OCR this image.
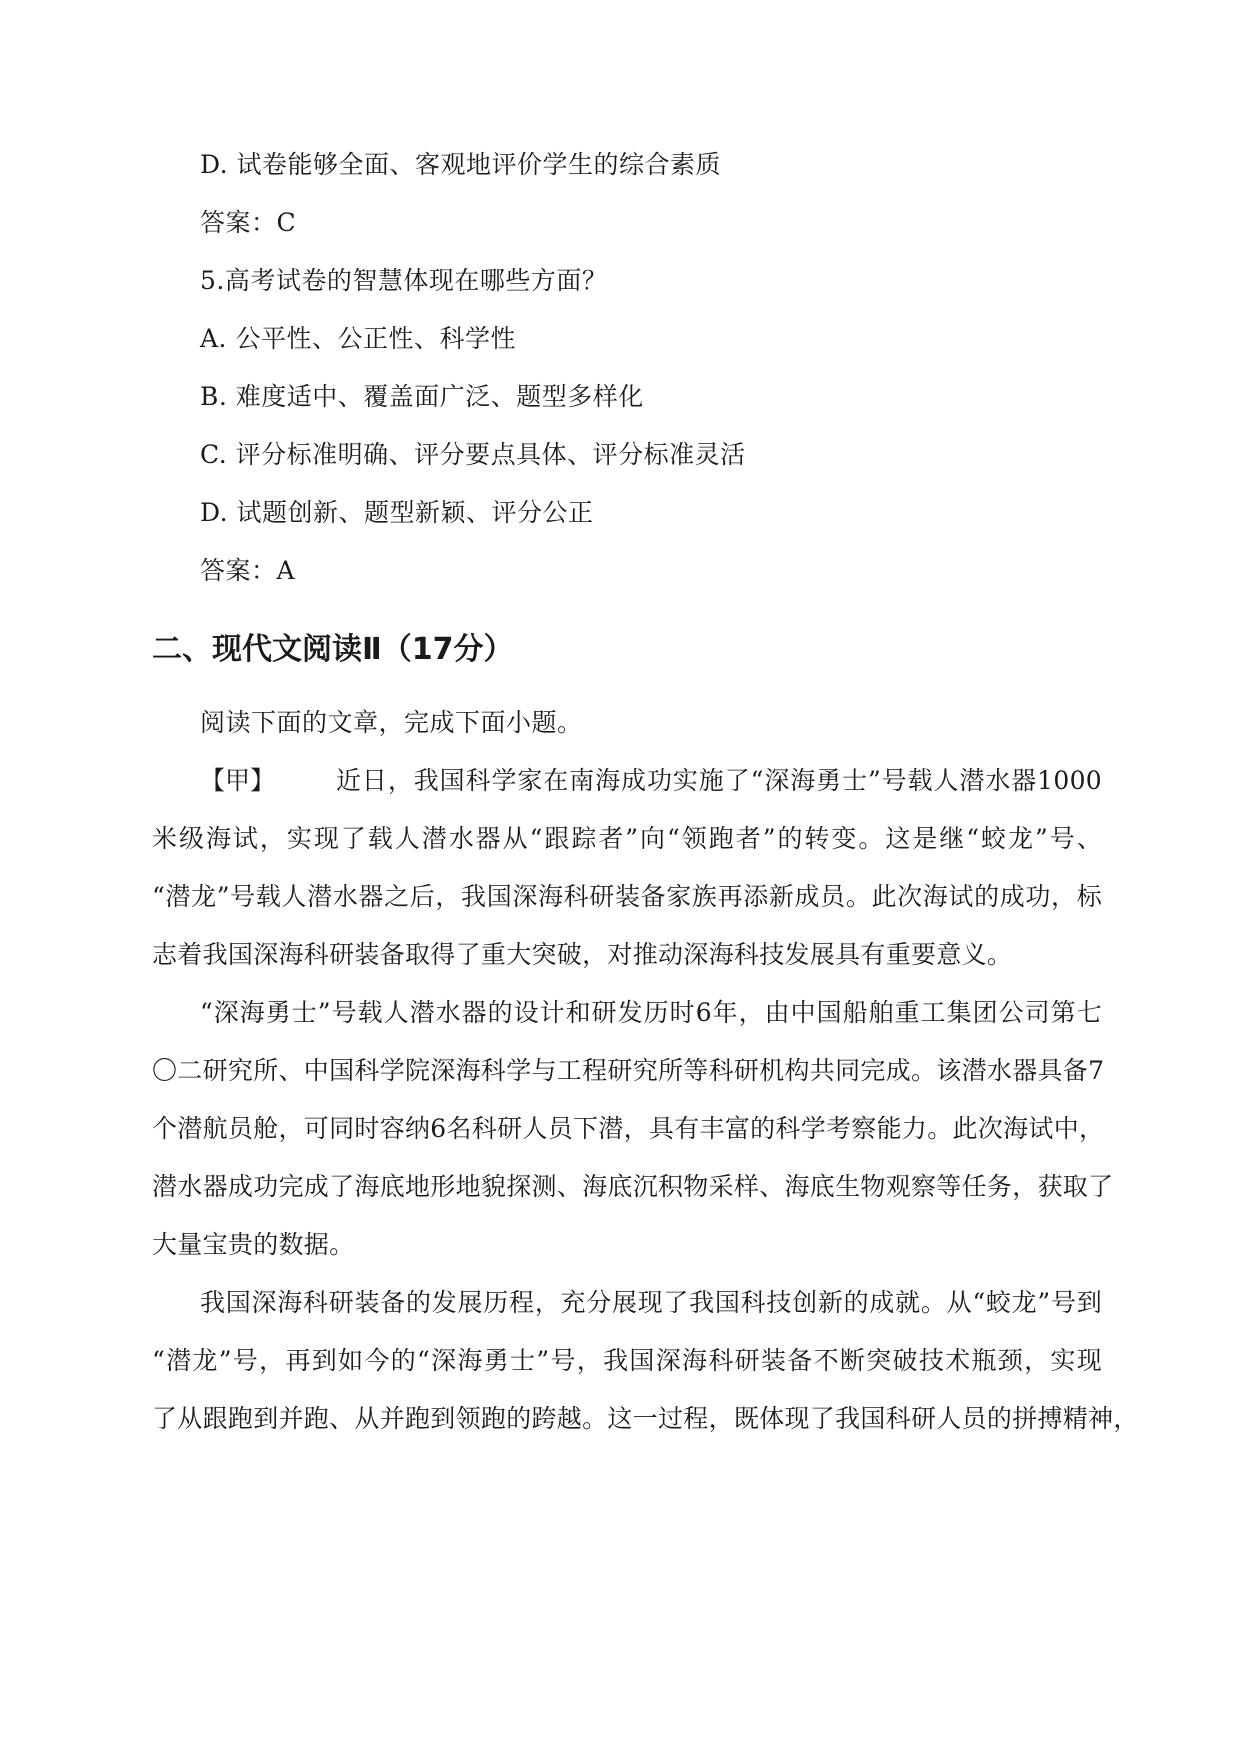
D. 试卷能够全面、客观地评价学生的综合素质
答案：C
5.高考试卷的智慧体现在哪些方面？
A. 公平性、公正性、科学性
B. 难度适中、覆盖面广泛、题型多样化
C. 评分标准明确、评分要点具体、评分标准灵活
D. 试题创新、题型新颖、评分公正
答案：A
二、现代文阅读Ⅱ（17分）
阅读下面的文章，完成下面小题。
【甲】 近日，我国科学家在南海成功实施了“深海勇士”号载人潜水器1000
米级海试，实现了载人潜水器从“跟踪者”向“领跑者”的转变。这是继“蛟龙”号、
“潜龙”号载人潜水器之后，我国深海科研装备家族再添新成员。此次海试的成功，标
志着我国深海科研装备取得了重大突破，对推动深海科技发展具有重要意义。
“深海勇士”号载人潜水器的设计和研发历时6年，由中国船舶重工集团公司第七
〇二研究所、中国科学院深海科学与工程研究所等科研机构共同完成。该潜水器具备7
个潜航员舱，可同时容纳6名科研人员下潜，具有丰富的科学考察能力。此次海试中，
潜水器成功完成了海底地形地貌探测、海底沉积物采样、海底生物观察等任务，获取了
大量宝贵的数据。
我国深海科研装备的发展历程，充分展现了我国科技创新的成就。从“蛟龙”号到
“潜龙”号，再到如今的“深海勇士”号，我国深海科研装备不断突破技术瓶颈，实现
了从跟跑到并跑、从并跑到领跑的跨越。这一过程，既体现了我国科研人员的拼搏精神，
